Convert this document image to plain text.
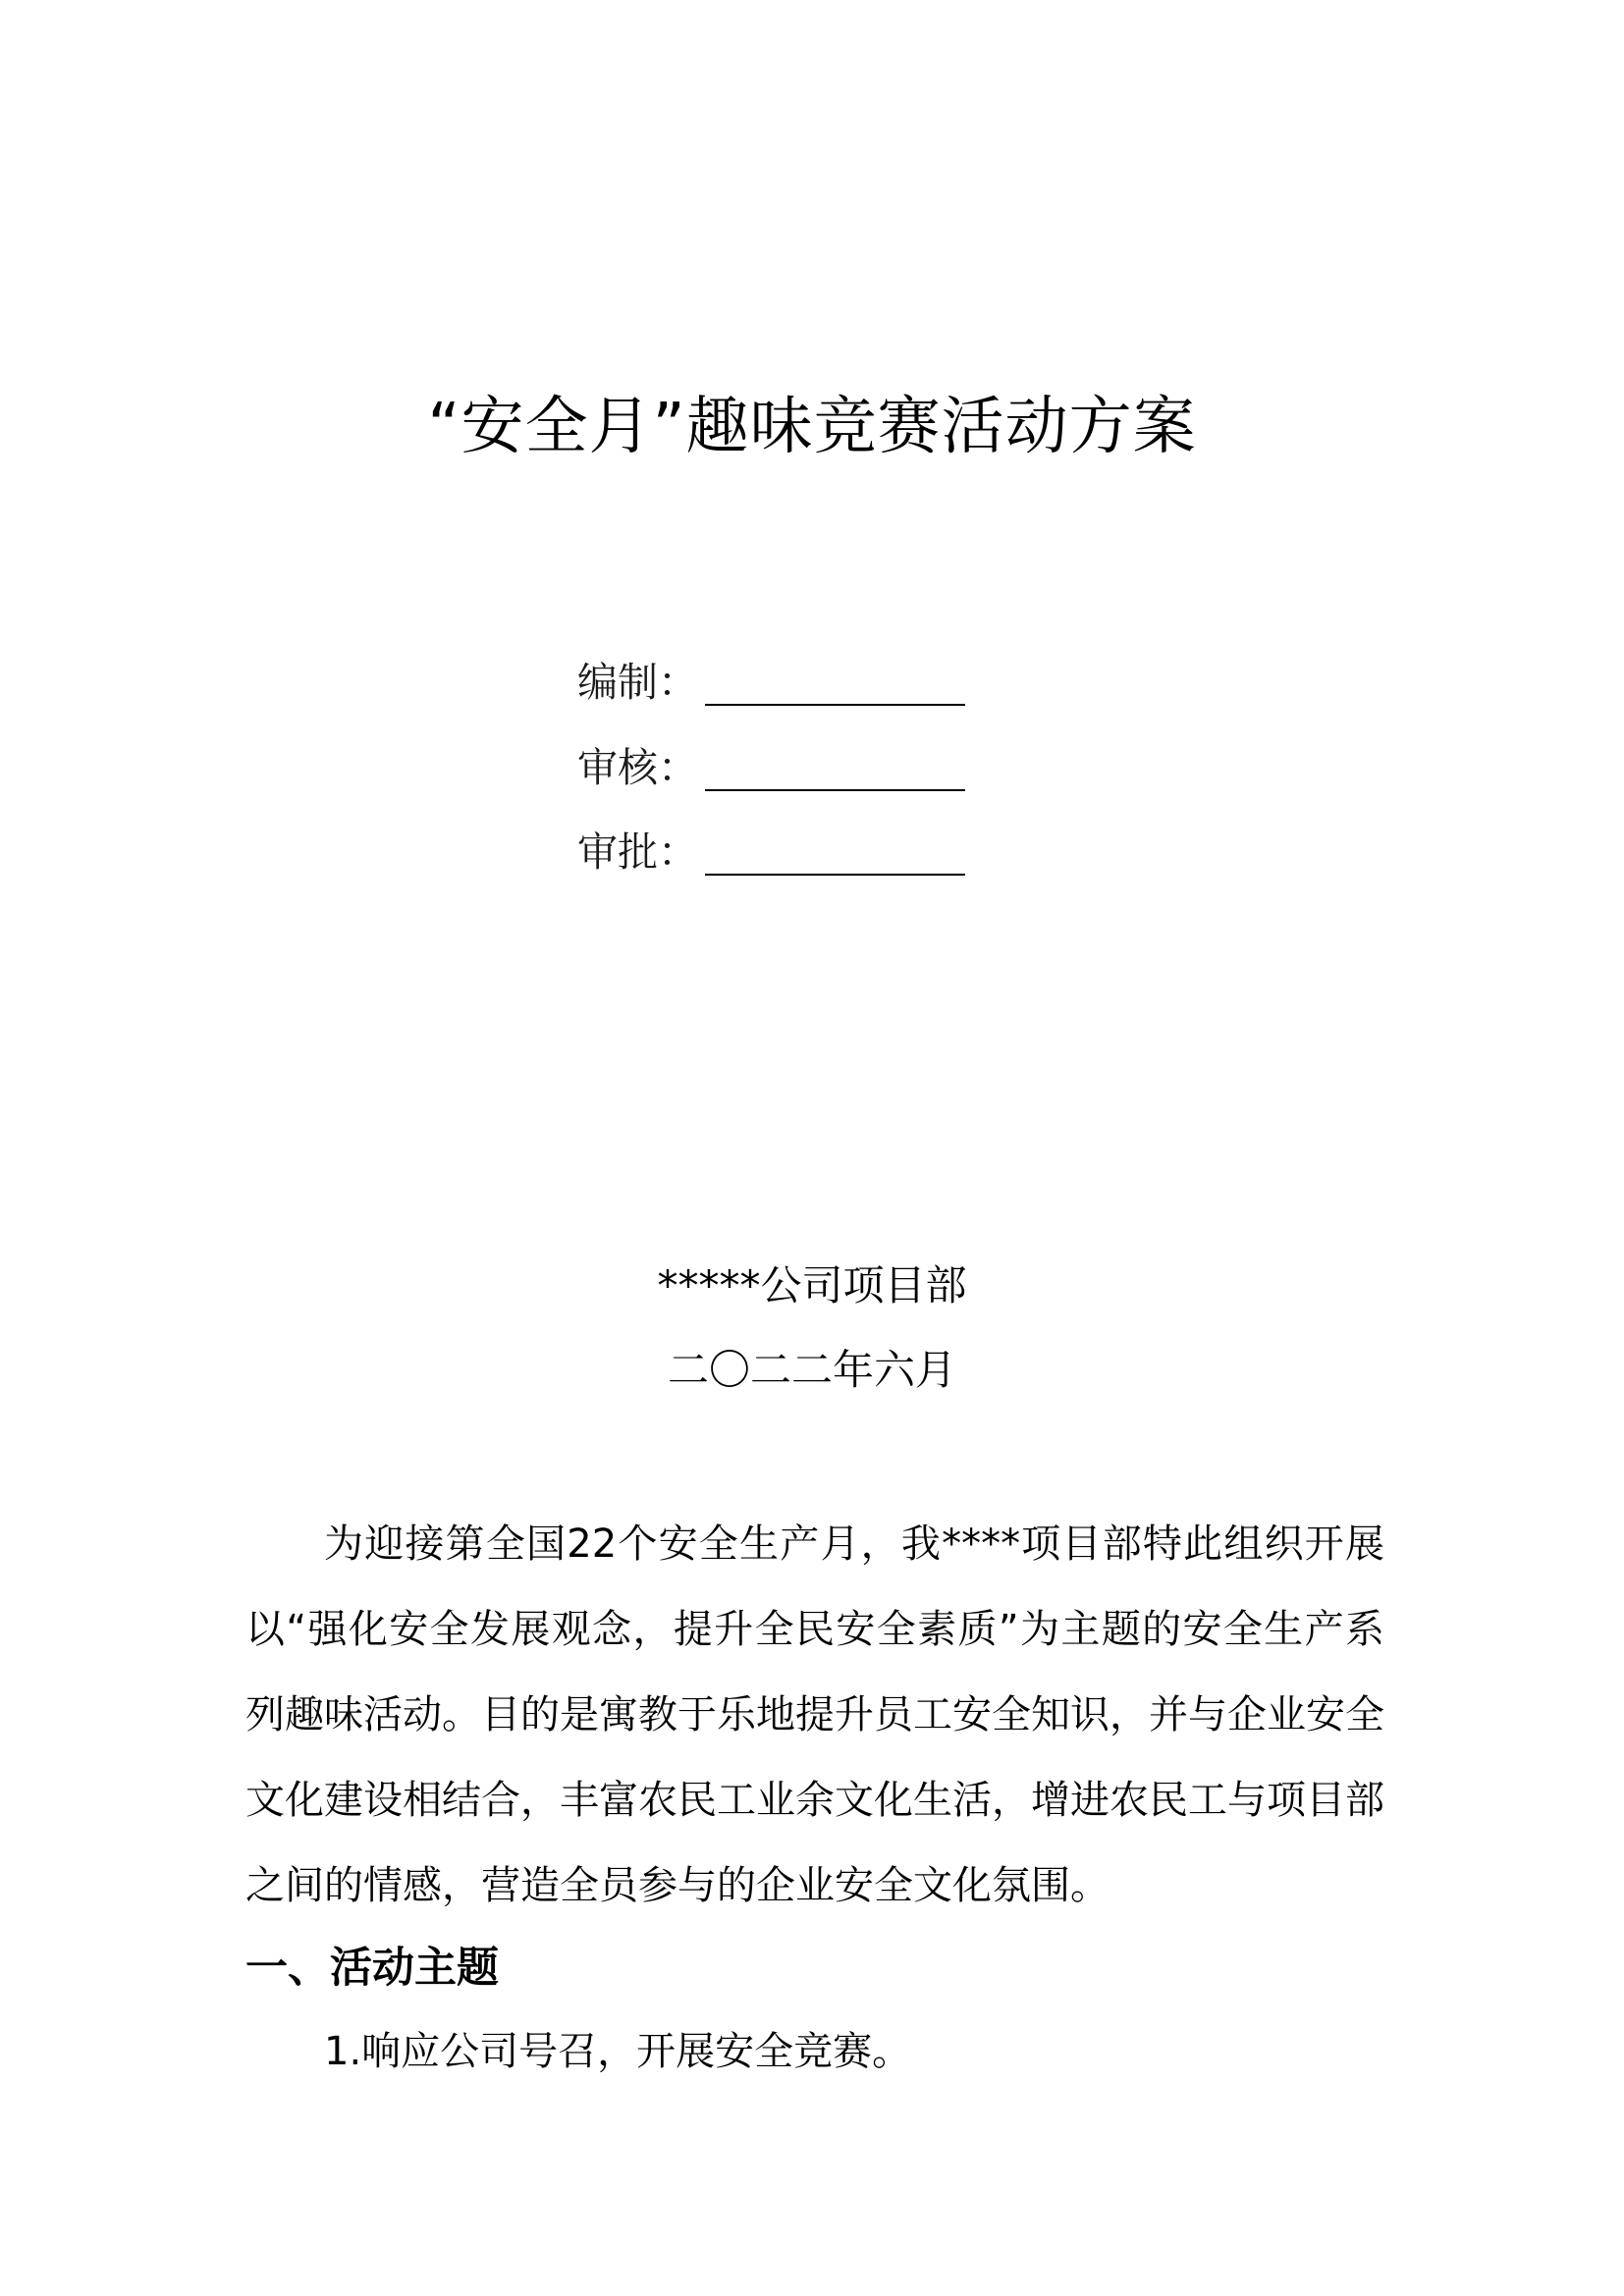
“安全月”趣味竞赛活动方案
编制：
审核：
审批：
*****公司项目部
二〇二二年六月

为迎接第全国22个安全生产月，我****项目部特此组织开展以“强化安全发展观念，提升全民安全素质”为主题的安全生产系列趣味活动。目的是寓教于乐地提升员工安全知识，并与企业安全文化建设相结合，丰富农民工业余文化生活，增进农民工与项目部之间的情感，营造全员参与的企业安全文化氛围。

一、活动主题
1.响应公司号召，开展安全竞赛。
